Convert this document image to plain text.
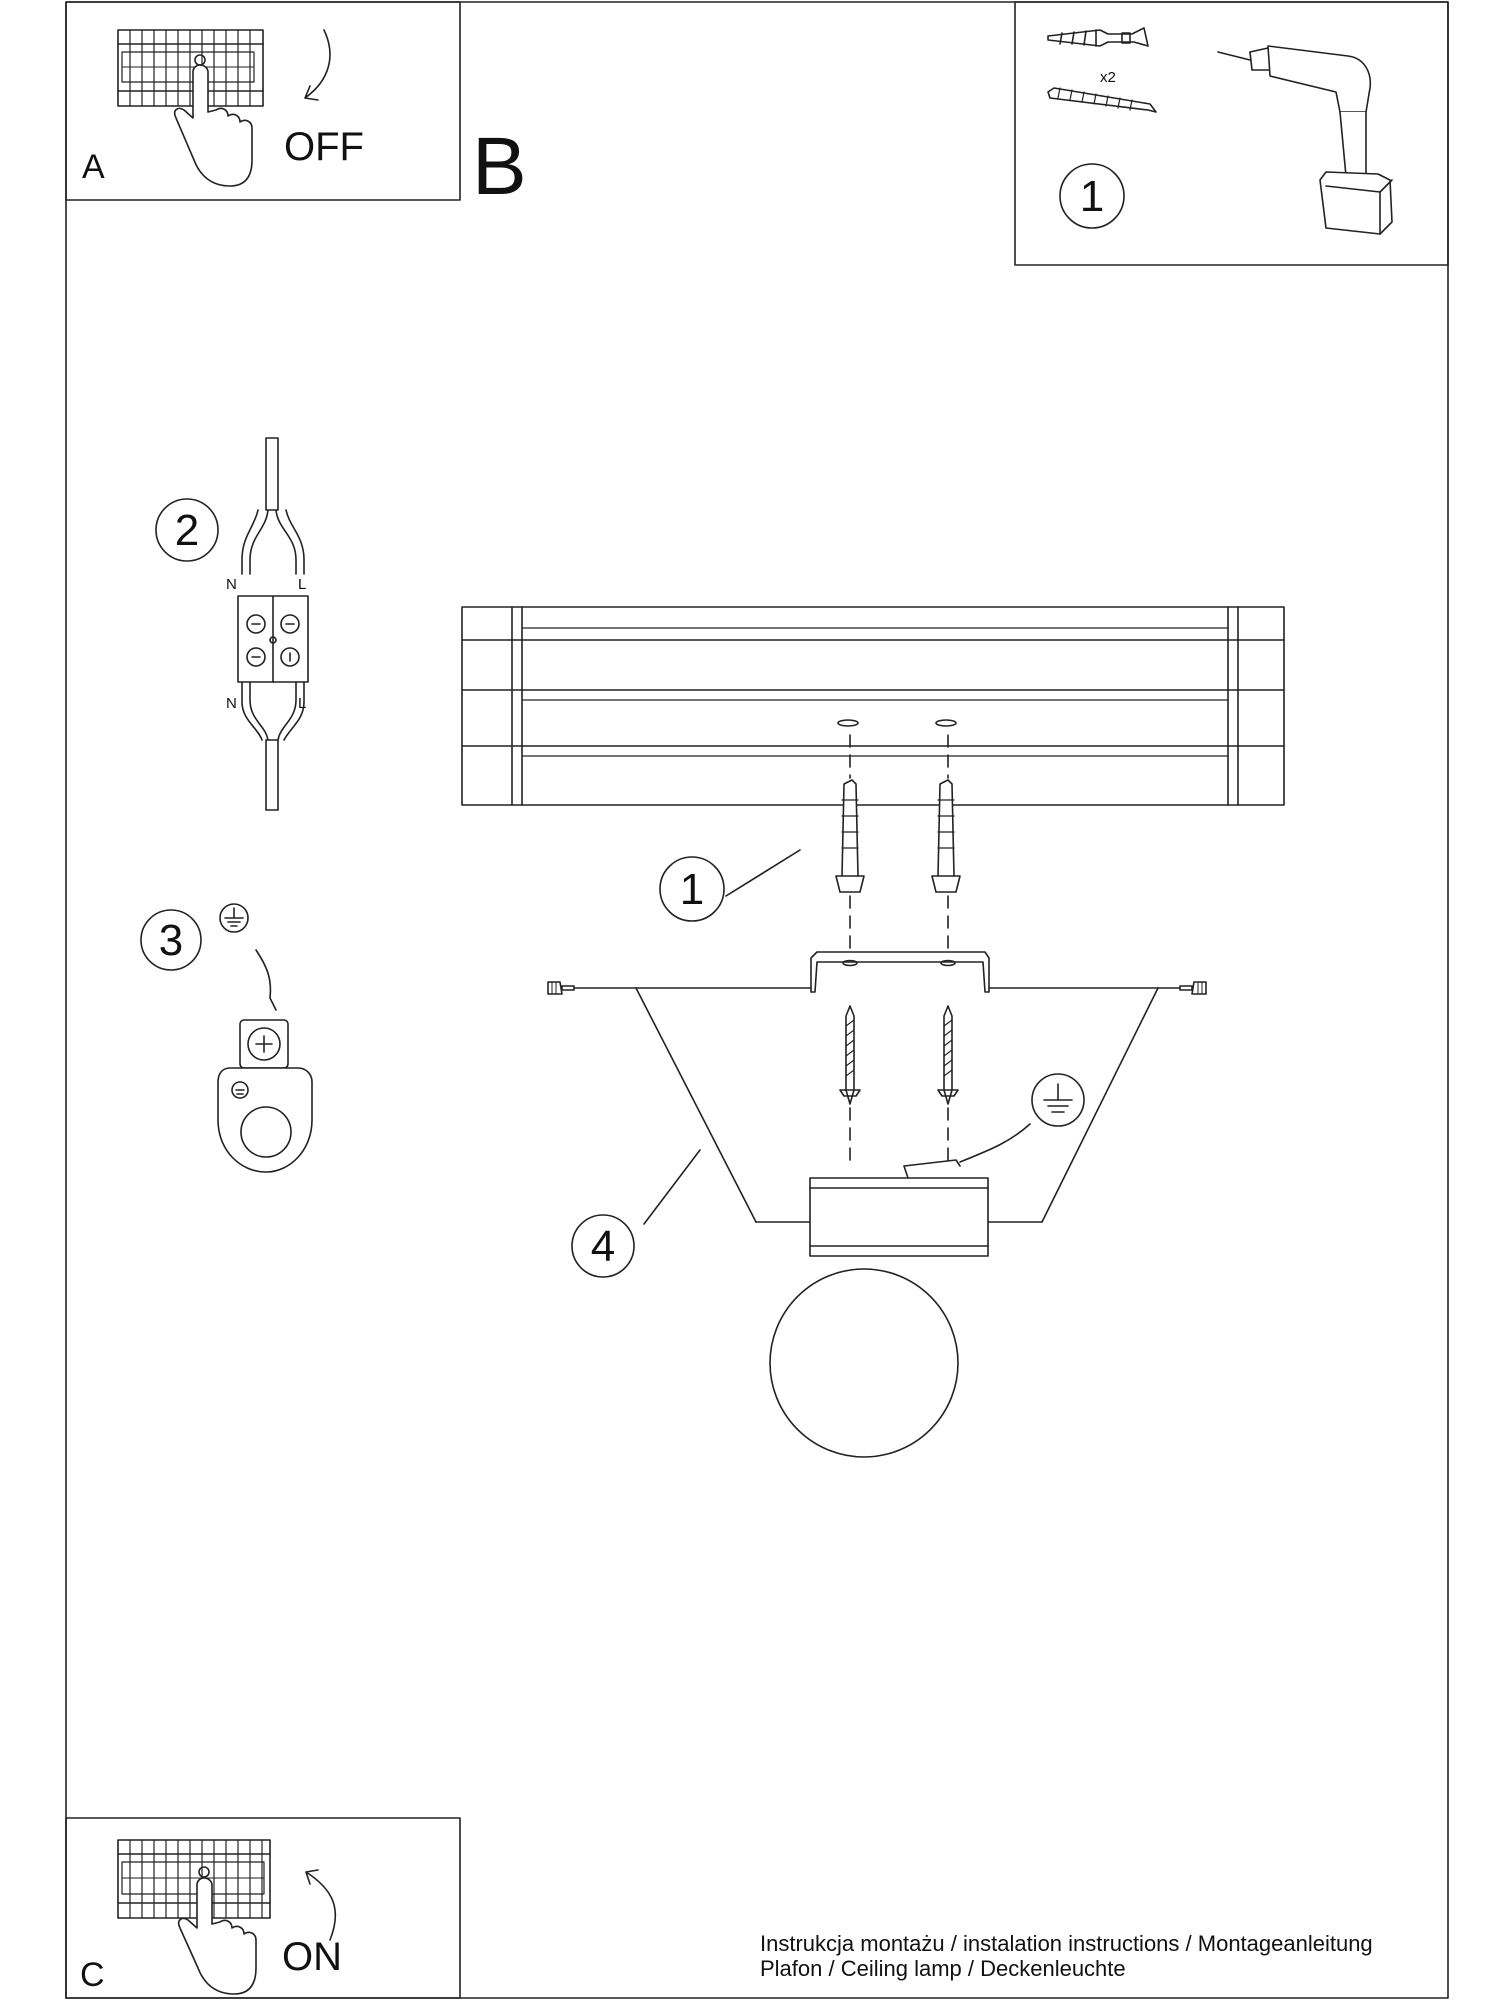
A	OFF B
x2
1
2
N	L
N	L
3
1
4
C	ON	Instrukcja montażu / instalation instructions / Montageanleitung
Plafon / Ceiling lamp / Deckenleuchte
